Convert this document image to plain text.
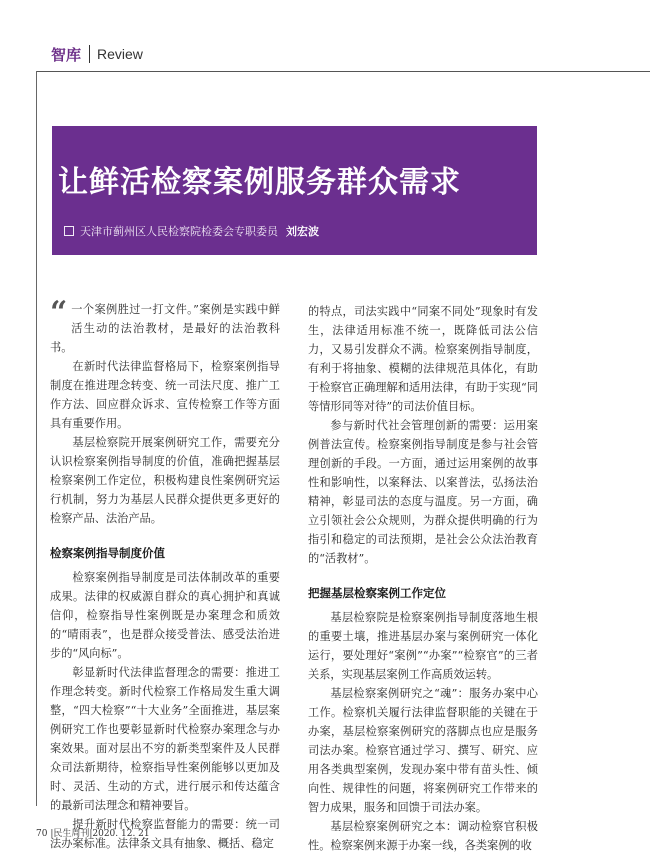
智库 Review
让鲜活检察案例服务群众需求
天津市蓟州区人民检察院检委会专职委员 刘宏波

“ 一个案例胜过一打文件。”案例是实践中鲜活生动的法治教材，是最好的法治教科书。

在新时代法律监督格局下，检察案例指导制度在推进理念转变、统一司法尺度、推广工作方法、回应群众诉求、宣传检察工作等方面具有重要作用。

基层检察院开展案例研究工作，需要充分认识检察案例指导制度的价值，准确把握基层检察案例工作定位，积极构建良性案例研究运行机制，努力为基层人民群众提供更多更好的检察产品、法治产品。

检察案例指导制度价值

检察案例指导制度是司法体制改革的重要成果。法律的权威源自群众的真心拥护和真诚信仰，检察指导性案例既是办案理念和质效的“晴雨表”，也是群众接受普法、感受法治进步的“风向标”。

彰显新时代法律监督理念的需要：推进工作理念转变。新时代检察工作格局发生重大调整，“四大检察”“十大业务”全面推进，基层案例研究工作也要彰显新时代检察办案理念与办案效果。面对层出不穷的新类型案件及人民群众司法新期待，检察指导性案例能够以更加及时、灵活、生动的方式，进行展示和传达蕴含的最新司法理念和精神要旨。

提升新时代检察监督能力的需要：统一司法办案标准。法律条文具有抽象、概括、稳定

的特点，司法实践中“同案不同处”现象时有发生，法律适用标准不统一，既降低司法公信力，又易引发群众不满。检察案例指导制度，有利于将抽象、模糊的法律规范具体化，有助于检察官正确理解和适用法律，有助于实现“同等情形同等对待”的司法价值目标。

参与新时代社会管理创新的需要：运用案例普法宣传。检察案例指导制度是参与社会管理创新的手段。一方面，通过运用案例的故事性和影响性，以案释法、以案普法，弘扬法治精神，彰显司法的态度与温度。另一方面，确立引领社会公众规则，为群众提供明确的行为指引和稳定的司法预期，是社会公众法治教育的“活教材”。

把握基层检察案例工作定位

基层检察院是检察案例指导制度落地生根的重要土壤，推进基层办案与案例研究一体化运行，要处理好“案例”“办案”“检察官”的三者关系，实现基层案例工作高质效运转。

基层检察案例研究之“魂”：服务办案中心工作。检察机关履行法律监督职能的关键在于办案，基层检察案例研究的落脚点也应是服务司法办案。检察官通过学习、撰写、研究、应用各类典型案例，发现办案中带有苗头性、倾向性、规律性的问题，将案例研究工作带来的智力成果，服务和回馈于司法办案。

基层检察案例研究之本：调动检察官积极性。检察案例来源于办案一线，各类案例的收

70 |民生周刊|2020. 12. 21
